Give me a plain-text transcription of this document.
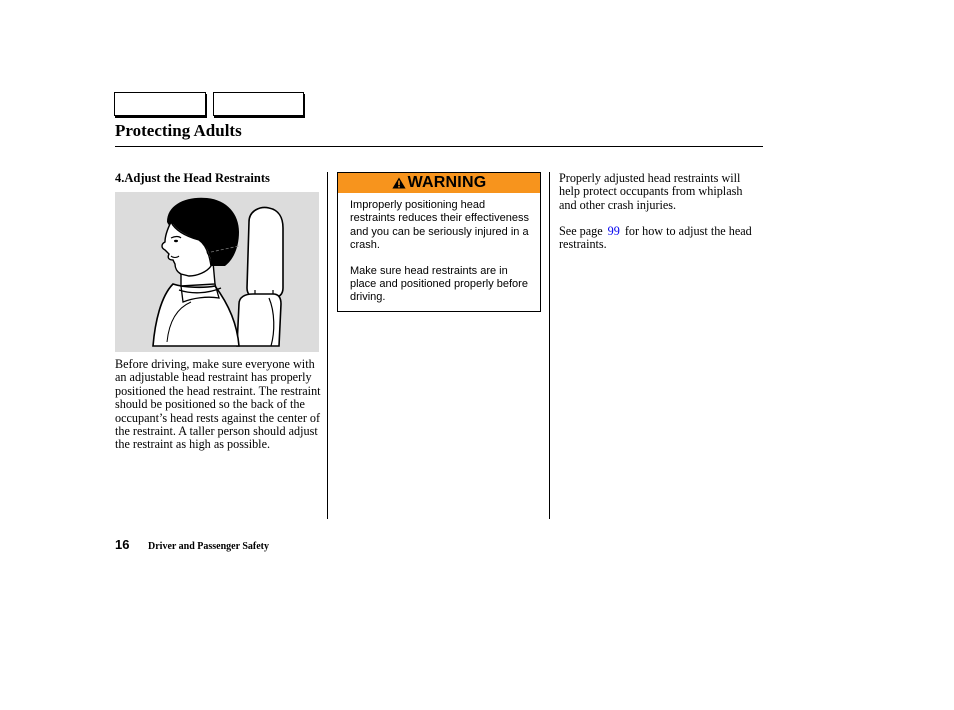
Protecting Adults
4.Adjust the Head Restraints

Before driving, make sure everyone with an adjustable head restraint has properly positioned the head restraint. The restraint should be positioned so the back of the occupant’s head rests against the center of the restraint. A taller person should adjust the restraint as high as possible.

WARNING

Improperly positioning head restraints reduces their effectiveness and you can be seriously injured in a crash.

Make sure head restraints are in place and positioned properly before driving.

Properly adjusted head restraints will help protect occupants from whiplash and other crash injuries.

See page 99 for how to adjust the head restraints.

16 Driver and Passenger Safety
